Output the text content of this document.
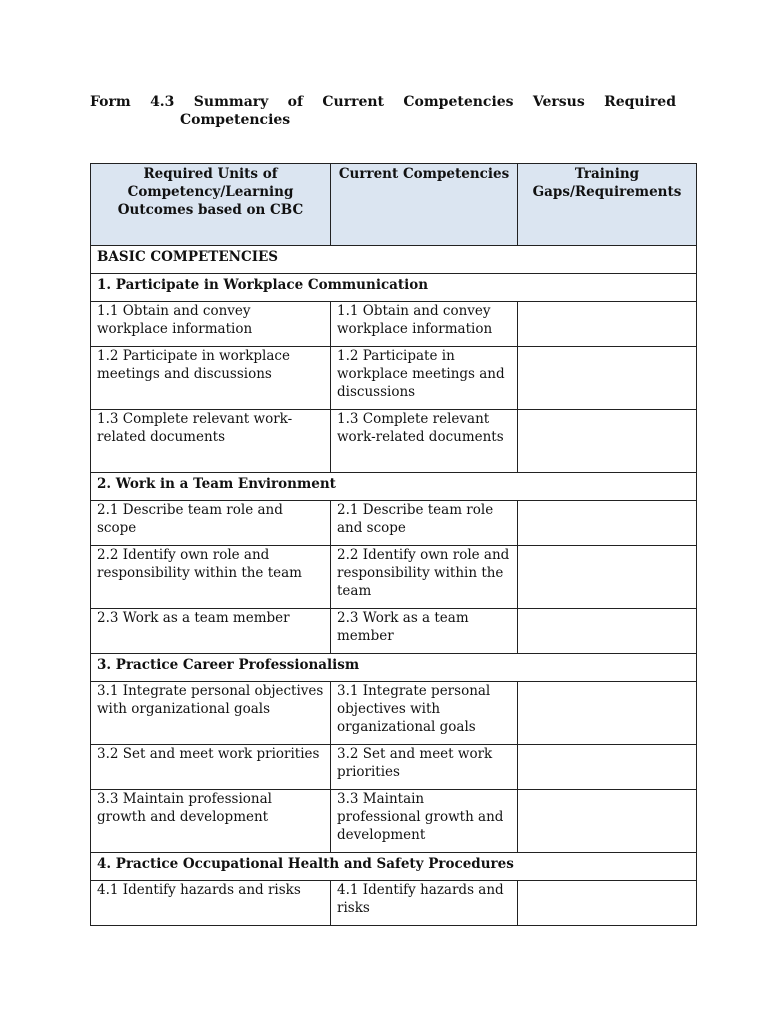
Form 4.3 Summary of Current Competencies Versus Required
Competencies
Required Units of Competency/Learning Outcomes based on CBC	Current Competencies	Training Gaps/Requirements
BASIC COMPETENCIES		
1. Participate in Workplace Communication		
1.1 Obtain and convey workplace information	1.1 Obtain and convey workplace information	
1.2 Participate in workplace meetings and discussions	1.2 Participate in workplace meetings and discussions	
1.3 Complete relevant work-related documents	1.3 Complete relevant work-related documents	
2. Work in a Team Environment		
2.1 Describe team role and scope	2.1 Describe team role and scope	
2.2 Identify own role and responsibility within the team	2.2 Identify own role and responsibility within the team	
2.3 Work as a team member	2.3 Work as a team member	
3. Practice Career Professionalism		
3.1 Integrate personal objectives with organizational goals	3.1 Integrate personal objectives with organizational goals	
3.2 Set and meet work priorities	3.2 Set and meet work priorities	
3.3 Maintain professional growth and development	3.3 Maintain professional growth and development	
4. Practice Occupational Health and Safety Procedures		
4.1 Identify hazards and risks	4.1 Identify hazards and risks	
